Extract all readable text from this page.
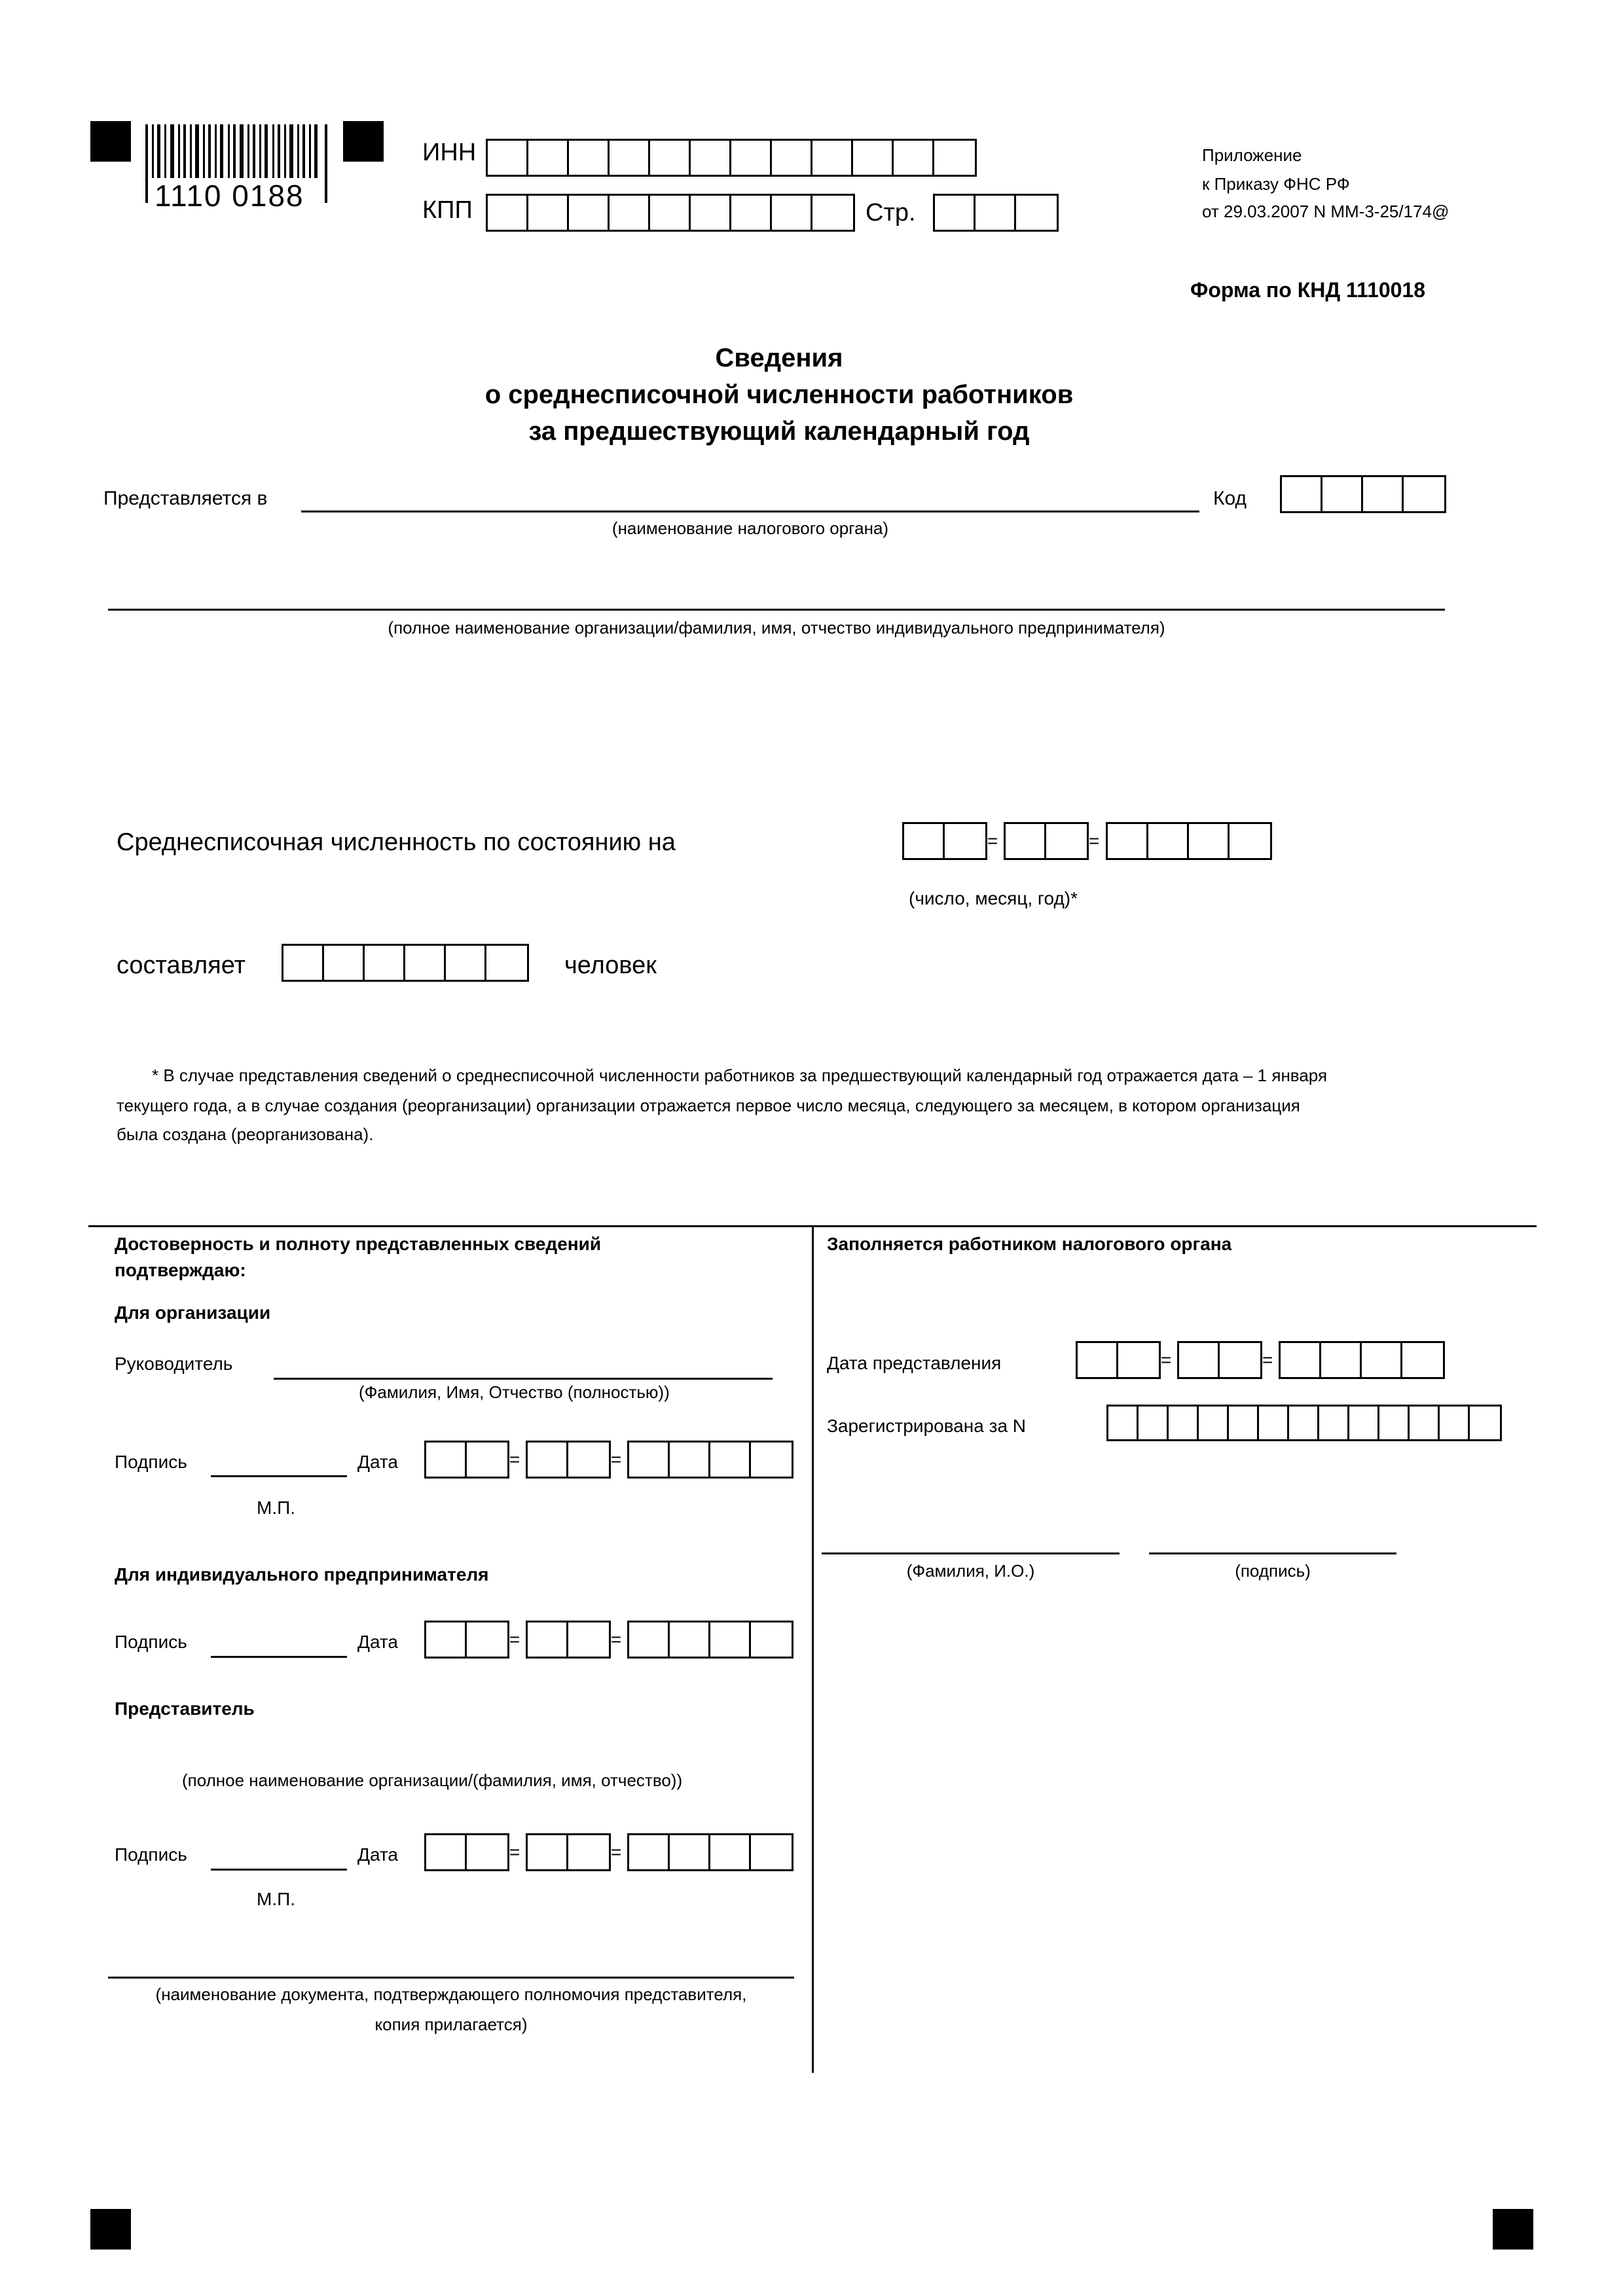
1110 0188
ИНН
КПП	Стр.
Приложение
к Приказу ФНС РФ
от 29.03.2007 N ММ-3-25/174@
Форма по КНД 1110018
Сведения
о среднесписочной численности работников
за предшествующий календарный год
Представляется в
(наименование налогового органа)
Код
(полное наименование организации/фамилия, имя, отчество индивидуального предпринимателя)
Среднесписочная численность по состоянию на	=	=
(число, месяц, год)*
составляет	человек
* В случае представления сведений о среднесписочной численности работников за предшествующий календарный год отражается дата – 1 января
текущего года, а в случае создания (реорганизации) организации отражается первое число месяца, следующего за месяцем, в котором организация
была создана (реорганизована).
Достоверность и полноту представленных сведений
подтверждаю:
Для организации
Руководитель
(Фамилия, Имя, Отчество (полностью))
Подпись	Дата	=	=
М.П.
Для индивидуального предпринимателя
Подпись	Дата	=	=
Представитель
(полное наименование организации/(фамилия, имя, отчество))
Подпись	Дата	=	=
М.П.
(наименование документа, подтверждающего полномочия представителя,
копия прилагается)
Заполняется работником налогового органа
Дата представления	=	=
Зарегистрирована за N
(Фамилия, И.О.)	(подпись)
